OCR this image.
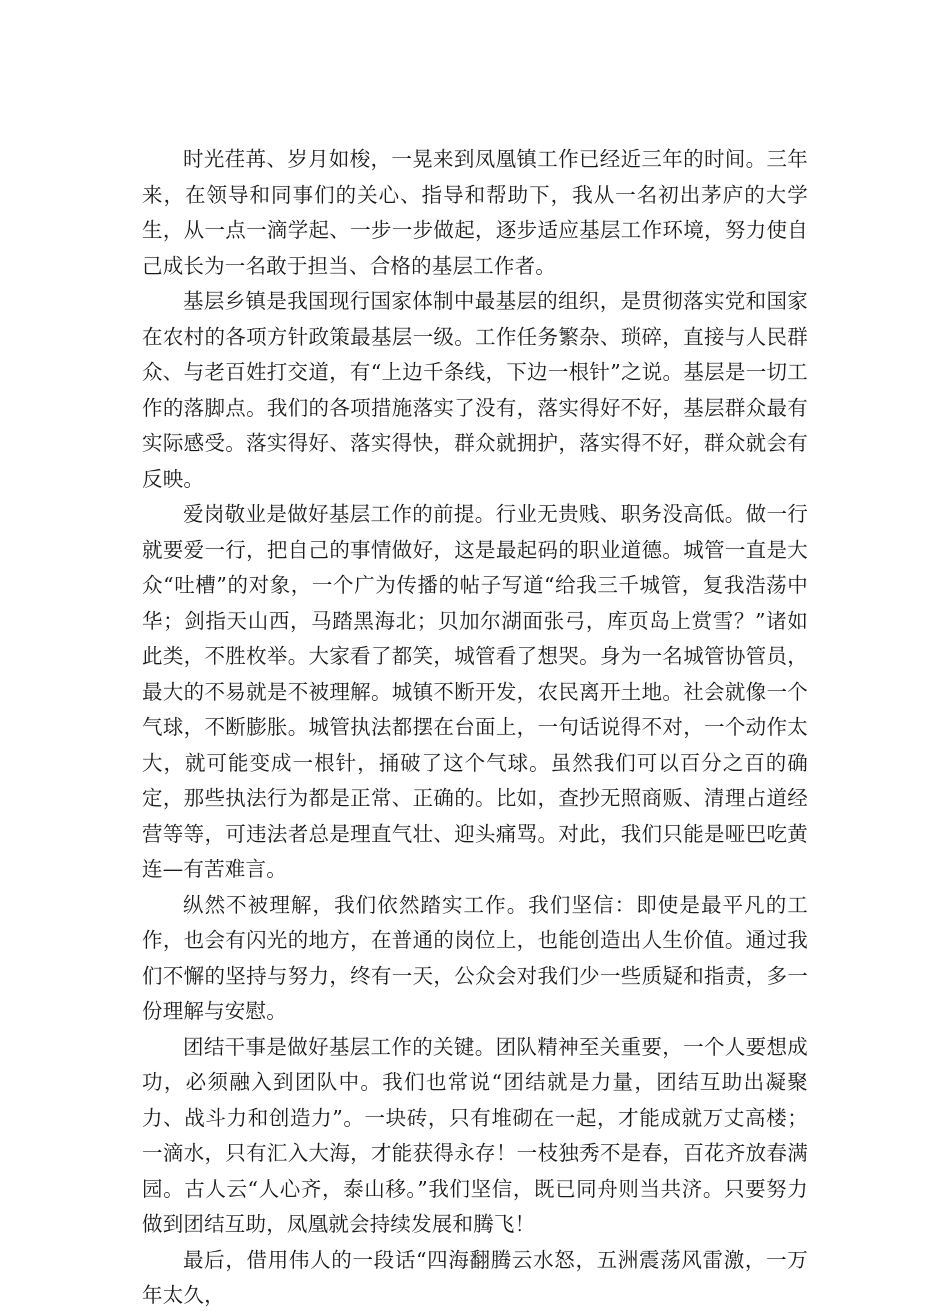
时光荏苒、岁月如梭，一晃来到凤凰镇工作已经近三年的时间。三年来，在领导和同事们的关心、指导和帮助下，我从一名初出茅庐的大学生，从一点一滴学起、一步一步做起，逐步适应基层工作环境，努力使自己成长为一名敢于担当、合格的基层工作者。

基层乡镇是我国现行国家体制中最基层的组织，是贯彻落实党和国家在农村的各项方针政策最基层一级。工作任务繁杂、琐碎，直接与人民群众、与老百姓打交道，有“上边千条线，下边一根针”之说。基层是一切工作的落脚点。我们的各项措施落实了没有，落实得好不好，基层群众最有实际感受。落实得好、落实得快，群众就拥护，落实得不好，群众就会有反映。

爱岗敬业是做好基层工作的前提。行业无贵贱、职务没高低。做一行就要爱一行，把自己的事情做好，这是最起码的职业道德。城管一直是大众“吐槽”的对象，一个广为传播的帖子写道“给我三千城管，复我浩荡中华；剑指天山西，马踏黑海北；贝加尔湖面张弓，库页岛上赏雪？”诸如此类，不胜枚举。大家看了都笑，城管看了想哭。身为一名城管协管员，最大的不易就是不被理解。城镇不断开发，农民离开土地。社会就像一个气球，不断膨胀。城管执法都摆在台面上，一句话说得不对，一个动作太大，就可能变成一根针，捅破了这个气球。虽然我们可以百分之百的确定，那些执法行为都是正常、正确的。比如，查抄无照商贩、清理占道经营等等，可违法者总是理直气壮、迎头痛骂。对此，我们只能是哑巴吃黄连—有苦难言。

纵然不被理解，我们依然踏实工作。我们坚信：即使是最平凡的工作，也会有闪光的地方，在普通的岗位上，也能创造出人生价值。通过我们不懈的坚持与努力，终有一天，公众会对我们少一些质疑和指责，多一份理解与安慰。

团结干事是做好基层工作的关键。团队精神至关重要，一个人要想成功，必须融入到团队中。我们也常说“团结就是力量，团结互助出凝聚力、战斗力和创造力”。一块砖，只有堆砌在一起，才能成就万丈高楼；一滴水，只有汇入大海，才能获得永存！一枝独秀不是春，百花齐放春满园。古人云“人心齐，泰山移。”我们坚信，既已同舟则当共济。只要努力做到团结互助，凤凰就会持续发展和腾飞！

最后，借用伟人的一段话“四海翻腾云水怒，五洲震荡风雷激，一万年太久，
